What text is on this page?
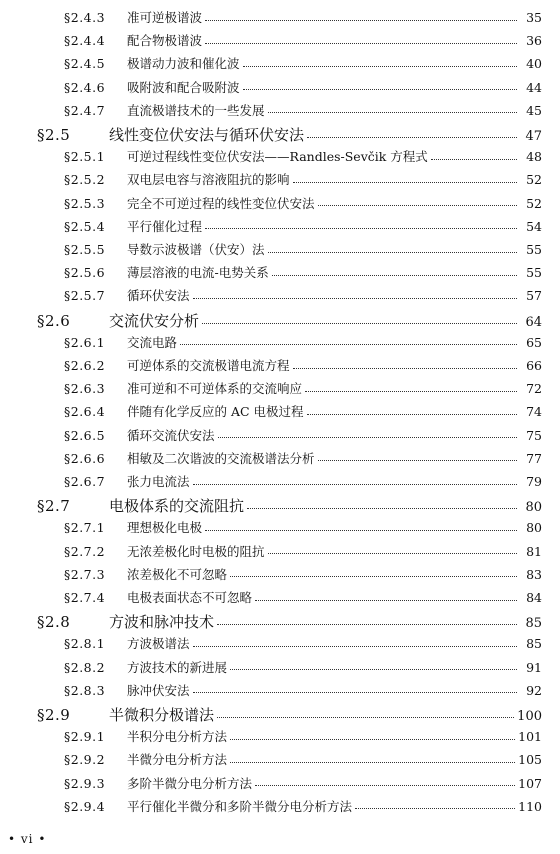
§2.4.3	准可逆极谱波	35
§2.4.4	配合物极谱波	36
§2.4.5	极谱动力波和催化波	40
§2.4.6	吸附波和配合吸附波	44
§2.4.7	直流极谱技术的一些发展	45
§2.5	线性变位伏安法与循环伏安法	47
§2.5.1	可逆过程线性变位伏安法——Randles-Sevčik 方程式	48
§2.5.2	双电层电容与溶液阻抗的影响	52
§2.5.3	完全不可逆过程的线性变位伏安法	52
§2.5.4	平行催化过程	54
§2.5.5	导数示波极谱（伏安）法	55
§2.5.6	薄层溶液的电流-电势关系	55
§2.5.7	循环伏安法	57
§2.6	交流伏安分析	64
§2.6.1	交流电路	65
§2.6.2	可逆体系的交流极谱电流方程	66
§2.6.3	准可逆和不可逆体系的交流响应	72
§2.6.4	伴随有化学反应的 AC 电极过程	74
§2.6.5	循环交流伏安法	75
§2.6.6	相敏及二次谐波的交流极谱法分析	77
§2.6.7	张力电流法	79
§2.7	电极体系的交流阻抗	80
§2.7.1	理想极化电极	80
§2.7.2	无浓差极化时电极的阻抗	81
§2.7.3	浓差极化不可忽略	83
§2.7.4	电极表面状态不可忽略	84
§2.8	方波和脉冲技术	85
§2.8.1	方波极谱法	85
§2.8.2	方波技术的新进展	91
§2.8.3	脉冲伏安法	92
§2.9	半微积分极谱法	100
§2.9.1	半积分电分析方法	101
§2.9.2	半微分电分析方法	105
§2.9.3	多阶半微分电分析方法	107
§2.9.4	平行催化半微分和多阶半微分电分析方法	110
• vi •
